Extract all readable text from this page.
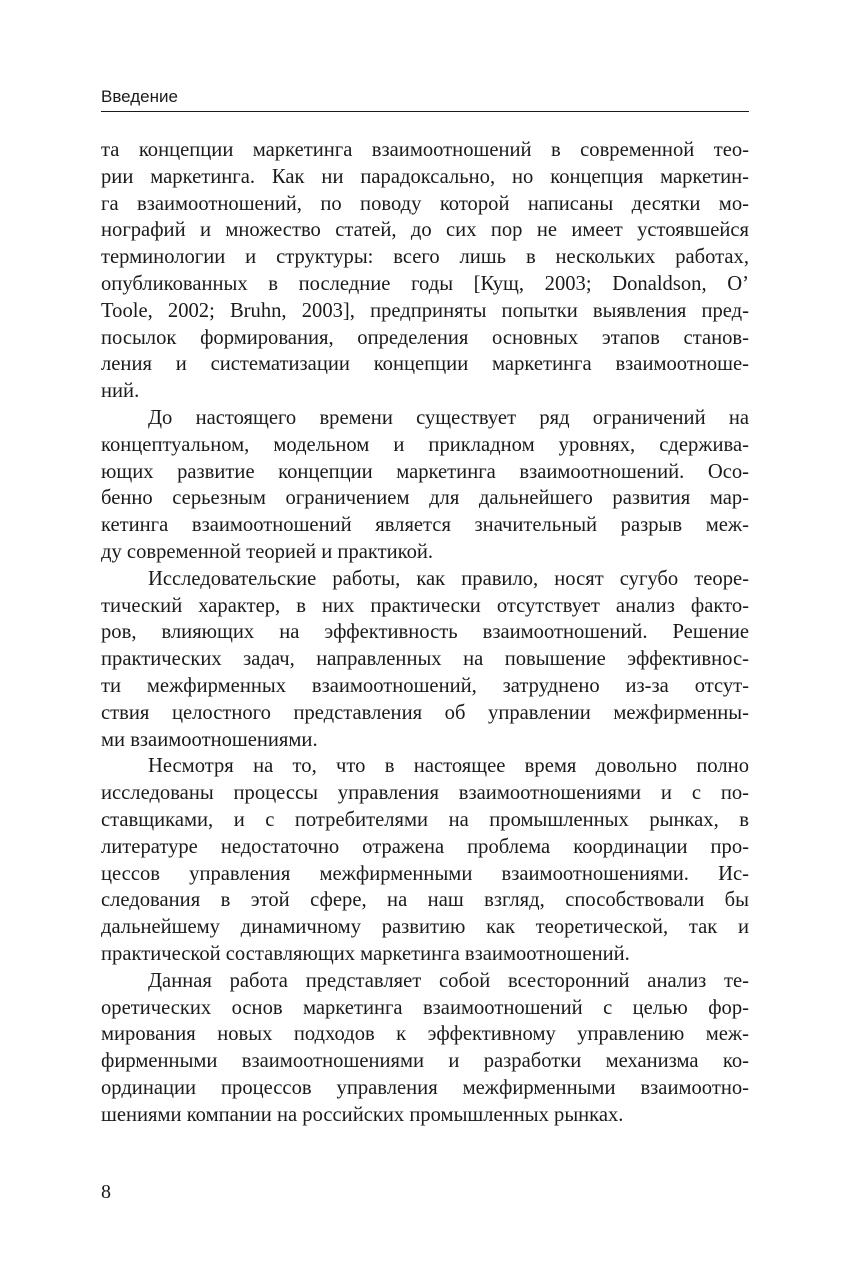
Введение

та концепции маркетинга взаимоотношений в современной тео-
рии маркетинга. Как ни парадоксально, но концепция маркетин-
га взаимоотношений, по поводу которой написаны десятки мо-
нографий и множество статей, до сих пор не имеет устоявшейся
терминологии и структуры: всего лишь в нескольких работах,
опубликованных в последние годы [Кущ, 2003; Donaldson, O’
Toole, 2002; Bruhn, 2003], предприняты попытки выявления пред-
посылок формирования, определения основных этапов станов-
ления и систематизации концепции маркетинга взаимоотноше-
ний.

До настоящего времени существует ряд ограничений на
концептуальном, модельном и прикладном уровнях, сдержива-
ющих развитие концепции маркетинга взаимоотношений. Осо-
бенно серьезным ограничением для дальнейшего развития мар-
кетинга взаимоотношений является значительный разрыв меж-
ду современной теорией и практикой.

Исследовательские работы, как правило, носят сугубо теоре-
тический характер, в них практически отсутствует анализ факто-
ров, влияющих на эффективность взаимоотношений. Решение
практических задач, направленных на повышение эффективнос-
ти межфирменных взаимоотношений, затруднено из-за отсут-
ствия целостного представления об управлении межфирменны-
ми взаимоотношениями.

Несмотря на то, что в настоящее время довольно полно
исследованы процессы управления взаимоотношениями и с по-
ставщиками, и с потребителями на промышленных рынках, в
литературе недостаточно отражена проблема координации про-
цессов управления межфирменными взаимоотношениями. Ис-
следования в этой сфере, на наш взгляд, способствовали бы
дальнейшему динамичному развитию как теоретической, так и
практической составляющих маркетинга взаимоотношений.

Данная работа представляет собой всесторонний анализ те-
оретических основ маркетинга взаимоотношений с целью фор-
мирования новых подходов к эффективному управлению меж-
фирменными взаимоотношениями и разработки механизма ко-
ординации процессов управления межфирменными взаимоотно-
шениями компании на российских промышленных рынках.

8
